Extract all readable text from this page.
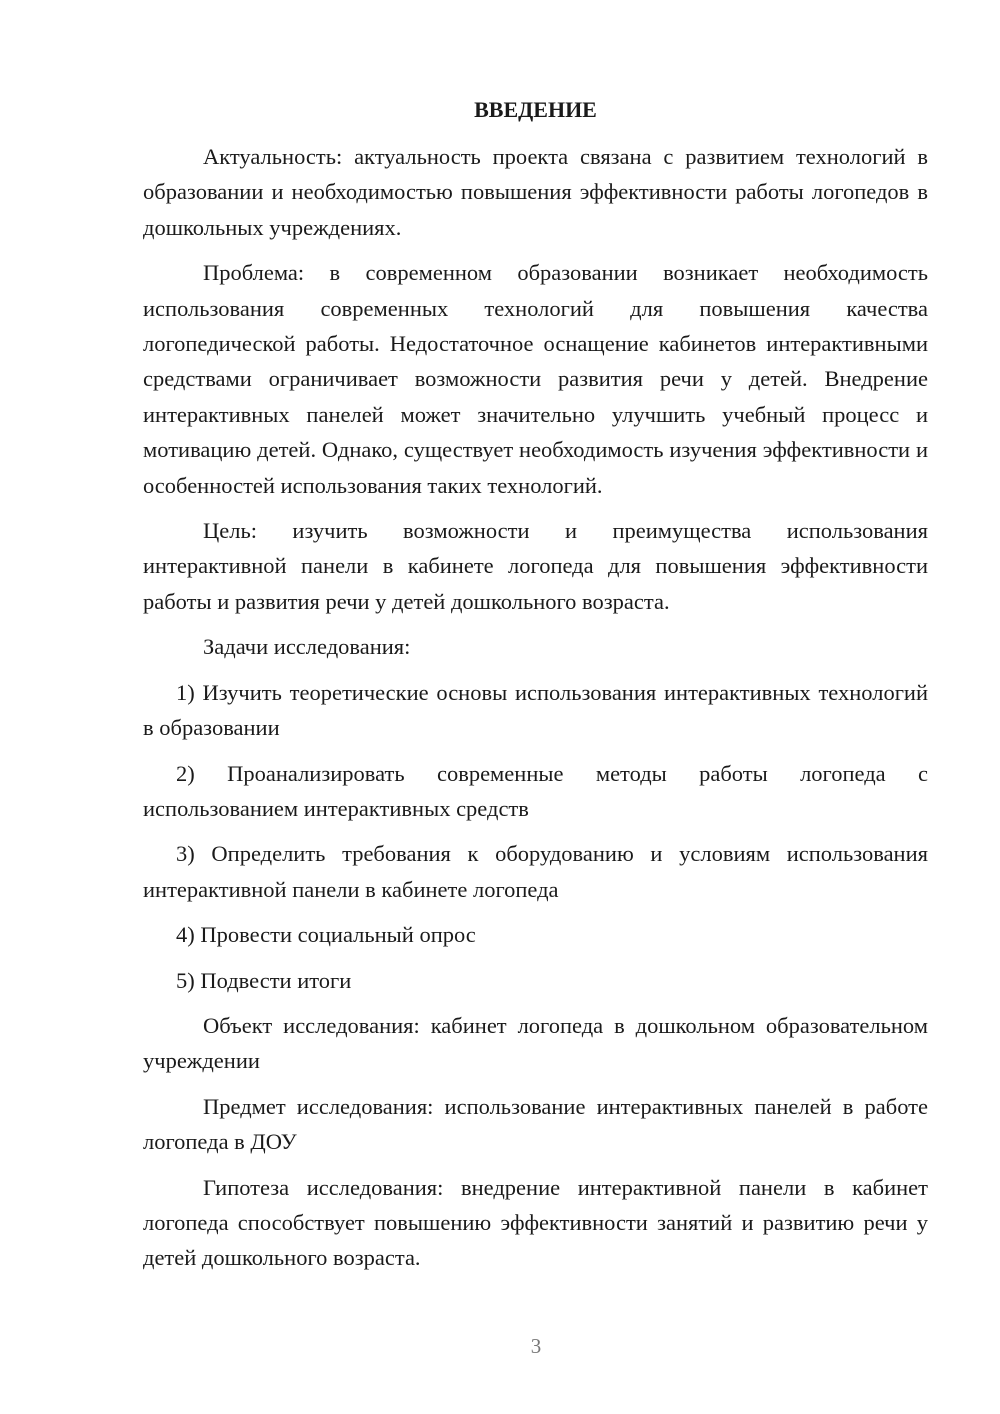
ВВЕДЕНИЕ

Актуальность: актуальность проекта связана с развитием технологий в образовании и необходимостью повышения эффективности работы логопедов в дошкольных учреждениях.

Проблема: в современном образовании возникает необходимость использования современных технологий для повышения качества логопедической работы. Недостаточное оснащение кабинетов интерактивными средствами ограничивает возможности развития речи у детей. Внедрение интерактивных панелей может значительно улучшить учебный процесс и мотивацию детей. Однако, существует необходимость изучения эффективности и особенностей использования таких технологий.

Цель: изучить возможности и преимущества использования интерактивной панели в кабинете логопеда для повышения эффективности работы и развития речи у детей дошкольного возраста.

Задачи исследования:

1) Изучить теоретические основы использования интерактивных технологий в образовании

2) Проанализировать современные методы работы логопеда с использованием интерактивных средств

3) Определить требования к оборудованию и условиям использования интерактивной панели в кабинете логопеда

4) Провести социальный опрос

5) Подвести итоги

Объект исследования: кабинет логопеда в дошкольном образовательном учреждении

Предмет исследования: использование интерактивных панелей в работе логопеда в ДОУ

Гипотеза исследования: внедрение интерактивной панели в кабинет логопеда способствует повышению эффективности занятий и развитию речи у детей дошкольного возраста.

3
